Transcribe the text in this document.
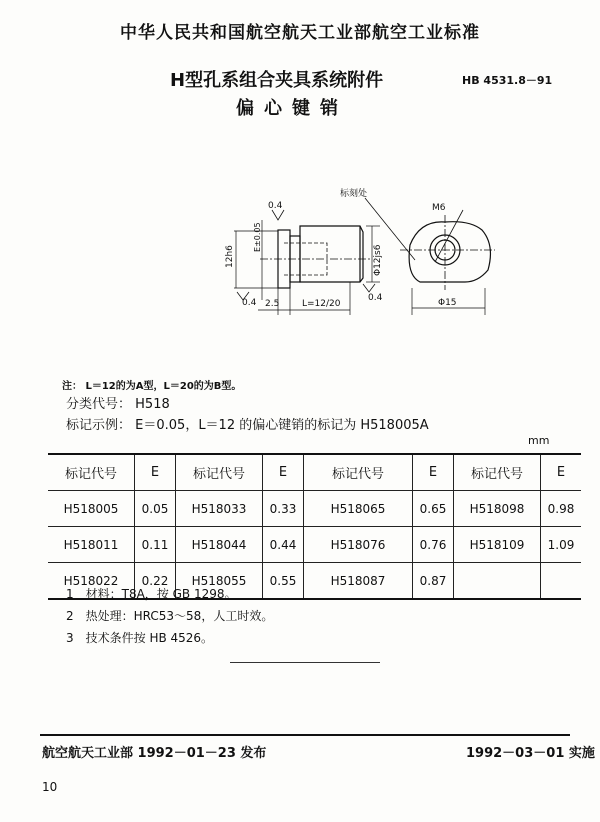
中华人民共和国航空航天工业部航空工业标准
H型孔系组合夹具系统附件	HB 4531.8－91
偏心键销
标刻处
M6
0.4
0.4	0.4
12h6
E±0.05
Φ12js6
2.5	L=12/20	Φ15
注： L＝12的为A型，L＝20的为B型。
分类代号： H518
标记示例： E＝0.05，L＝12 的偏心键销的标记为 H518005A
mm
标记代号	E	标记代号	E	标记代号	E	标记代号	E
H518005	0.05	H518033	0.33	H518065	0.65	H518098	0.98
H518011	0.11	H518044	0.44	H518076	0.76	H518109	1.09
H518022	0.22	H518055	0.55	H518087	0.87		
1　材料：T8A，按 GB 1298。
2　热处理：HRC53～58，人工时效。
3　技术条件按 HB 4526。
航空航天工业部 1992－01－23 发布	1992－03－01 实施
10
